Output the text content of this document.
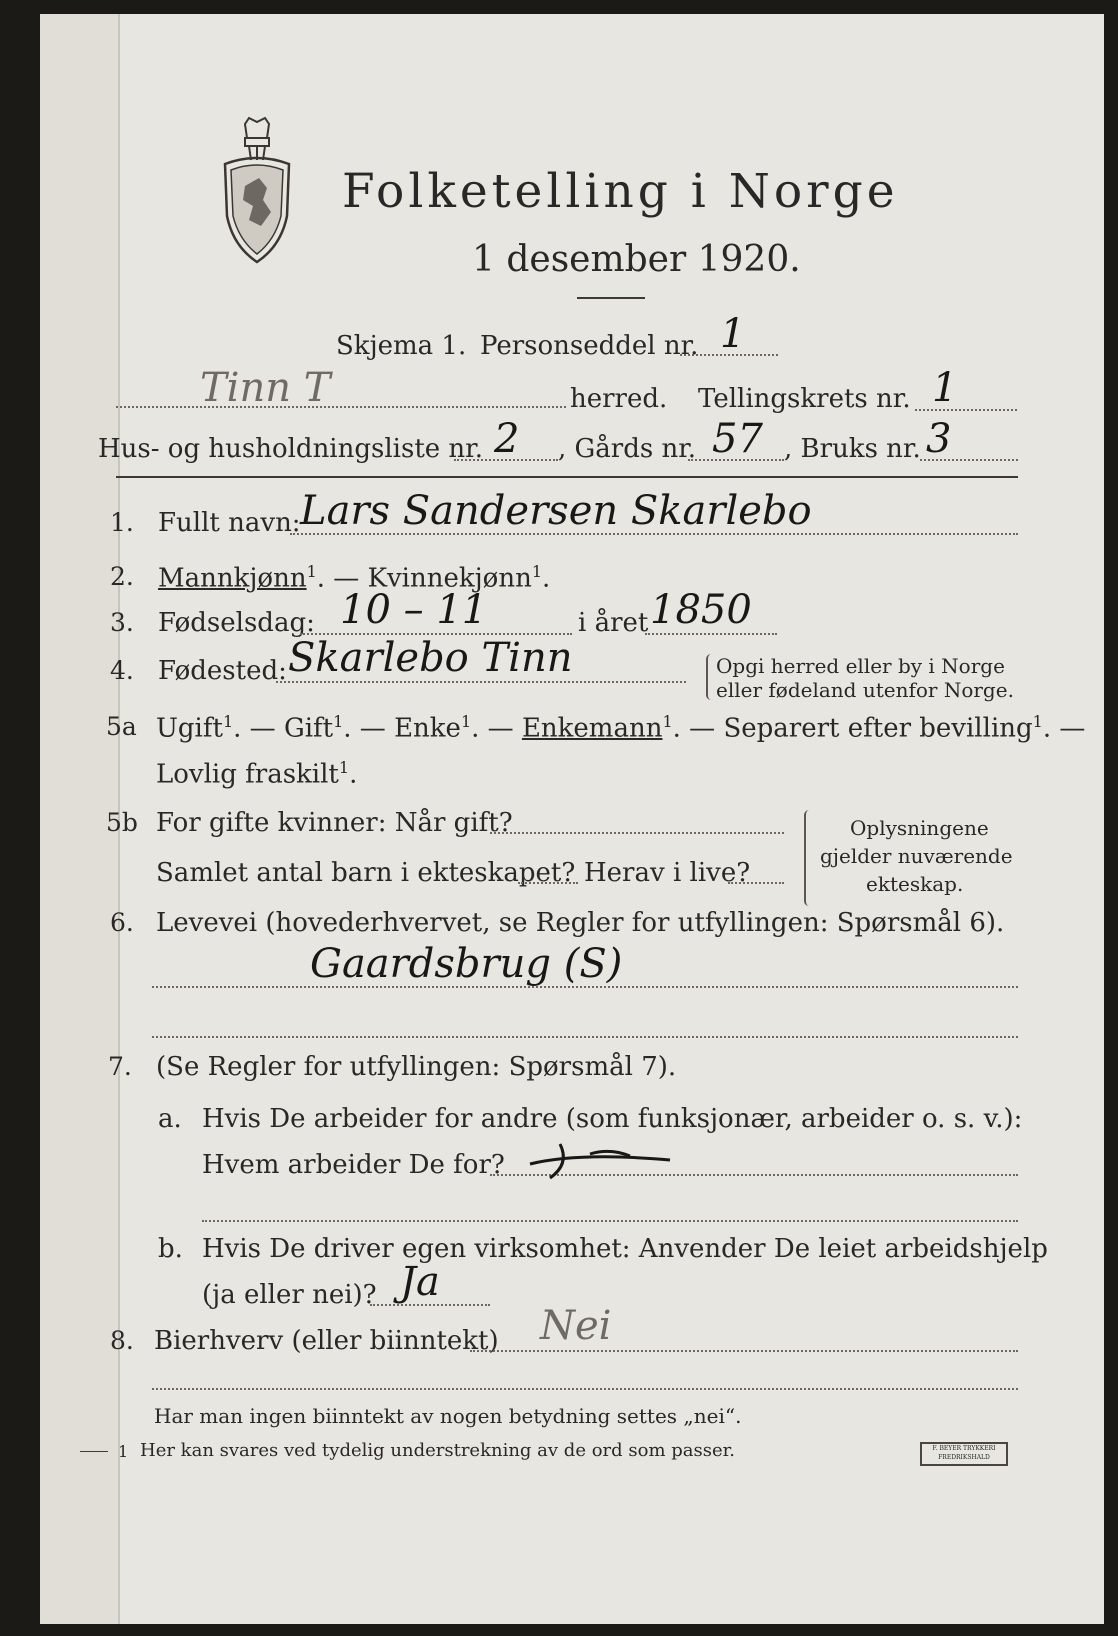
Folketelling i Norge
1 desember 1920.
Skjema 1. Personseddel nr. 1
Tinn T	herred. Tellingskrets nr. 1
Hus- og husholdningsliste nr. 2 , Gårds nr. 57 , Bruks nr. 3
1. Fullt navn: Lars Sandersen Skarlebo
2. Mannkjønn$^1$. — Kvinnekjønn$^1$.
3. Fødselsdag: 10 – 11	i året 1850
4. Fødested: Skarlebo Tinn	Opgi herred eller by i Norge
eller fødeland utenfor Norge.
5a Ugift$^1$. — Gift$^1$. — Enke$^1$. — Enkemann$^1$. — Separert efter bevilling$^1$. —
Lovlig fraskilt$^1$.
5b For gifte kvinner: Når gift?
Samlet antal barn i ekteskapet? Herav i live?
Oplysningene
gjelder nuværende
ekteskap.
6. Levevei (hovederhvervet, se Regler for utfyllingen: Spørsmål 6).
Gaardsbrug (S)
7. (Se Regler for utfyllingen: Spørsmål 7).
a. Hvis De arbeider for andre (som funksjonær, arbeider o. s. v.):
Hvem arbeider De for?
b. Hvis De driver egen virksomhet: Anvender De leiet arbeidshjelp
(ja eller nei)? Ja
8. Bierhverv (eller biinntekt) Nei
Har man ingen biinntekt av nogen betydning settes „nei“.
1 Her kan svares ved tydelig understrekning av de ord som passer.	F. BEYER TRYKKERI FREDRIKSHALD
